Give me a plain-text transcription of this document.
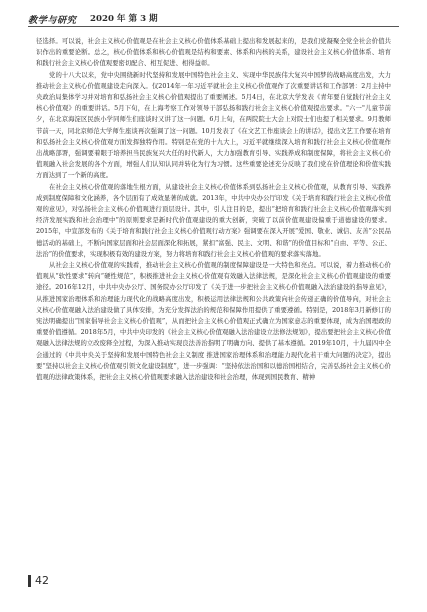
教学与研究 2020 年 第 3 期

径选择。可以说，社会主义核心价值观是在社会主义核心价值体系基础上提出和发展起来的，是我们党凝聚全党全社会价值共识作出的重要论断。总之，核心价值体系和核心价值观是结构和要素、体系和内核的关系，建设社会主义核心价值体系、培育和践行社会主义核心价值观要密切配合、相互促进、相得益彰。

党的十八大以来，党中央围绕新时代坚持和发展中国特色社会主义、实现中华民族伟大复兴中国梦的战略高度出发，大力推动社会主义核心价值观建设走向深入。仅2014年一年习近平就社会主义核心价值观作了次重要讲话和工作部署：2月主持中央政治局集体学习并对培育和弘扬社会主义核心价值观提出了重要阐述。5月4日，在北京大学发表《青年要自觉践行社会主义核心价值观》的重要讲话。5月下旬，在上海考察工作对领导干部弘扬和践行社会主义核心价值观提出要求。"六一"儿童节前夕，在北京海淀区民族小学同师生们座谈时又讲了这一问题。6月上旬，在两院院士大会上对院士们也提了相关要求。9月教师节前一天，同北京师范大学师生座谈再次强调了这一问题。10月发表了《在文艺工作座谈会上的讲话》，提出文艺工作要在培育和弘扬社会主义核心价值观方面发挥独特作用。特别是在党的十九大上，习近平就继续深入培育和践行社会主义核心价值观作出战略部署，强调要着眼于培养担当民族复兴大任的时代新人，大力加强教育引导、实践养成和制度保障，将社会主义核心价值观融入社会发展的各个方面，增强人们认知认同并转化为行为习惯。这些重要论述充分反映了我们党在价值理论和价值实践方面达到了一个新的高度。

在社会主义核心价值观的落地生根方面，从建设社会主义核心价值体系到弘扬社会主义核心价值观，从教育引导、实践养成到制度保障和文化涵养，各个层面有了成效显著的成就。2013年，中共中央办公厅印发《关于培育和践行社会主义核心价值观的意见》，对弘扬社会主义核心价值观进行顶层设计。其中，引人注目的是，提出“把培育和践行社会主义核心价值观落实到经济发展实践和社会治理中”的原则要求是新时代价值观建设的重大创新，突破了以前价值观建设偏重于道德建设的要求。2015年，中宣部发布的《关于培育和践行社会主义核心价值观行动方案》强调要在深入开展“爱国、敬业、诚信、友善”公民品德活动的基础上，不断向国家层面和社会层面深化和拓展，紧扣“富强、民主、文明、和谐”的价值目标和“自由、平等、公正、法治”的价值要求，实现积极有效的建设方案，努力将培育和践行社会主义核心价值观的要求落实落地。

从社会主义核心价值观的实践看，推动社会主义核心价值观的制度保障建设是一大特色和亮点。可以说，着力推动核心价值观从“软性要求”转向“硬性规范”，积极推进社会主义核心价值观有效融入法律法规，是深化社会主义核心价值观建设的重要途径。2016年12月，中共中央办公厅、国务院办公厅印发了《关于进一步把社会主义核心价值观融入法治建设的指导意见》，从推进国家治理体系和治理能力现代化的战略高度出发，积极运用法律法规和公共政策向社会传递正确的价值导向，对社会主义核心价值观融入法治建设做了具体安排，为充分发挥法治的规范和保障作用提供了重要遵循。特别是，2018年3月新修订的宪法明确提出“国家倡导社会主义核心价值观”，从而把社会主义核心价值观正式确立为国家意志的重要体现，成为治国理政的重要价值遵循。2018年5月，中共中央印发的《社会主义核心价值观融入法治建设立法修法规划》，提出要把社会主义核心价值观融入法律法规的立改废释全过程，为深入推动实现良法善治指明了明确方向、提供了基本遵循。2019年10月，十九届四中全会通过的《中共中央关于坚持和发展中国特色社会主义制度 推进国家治理体系和治理能力现代化若干重大问题的决定》，提出要“坚持以社会主义核心价值观引领文化建设制度”，进一步强调：“坚持依法治国和以德治国相结合，完善弘扬社会主义核心价值观的法律政策体系，把社会主义核心价值观要求融入法治建设和社会治理，体现到国民教育、精神

42
